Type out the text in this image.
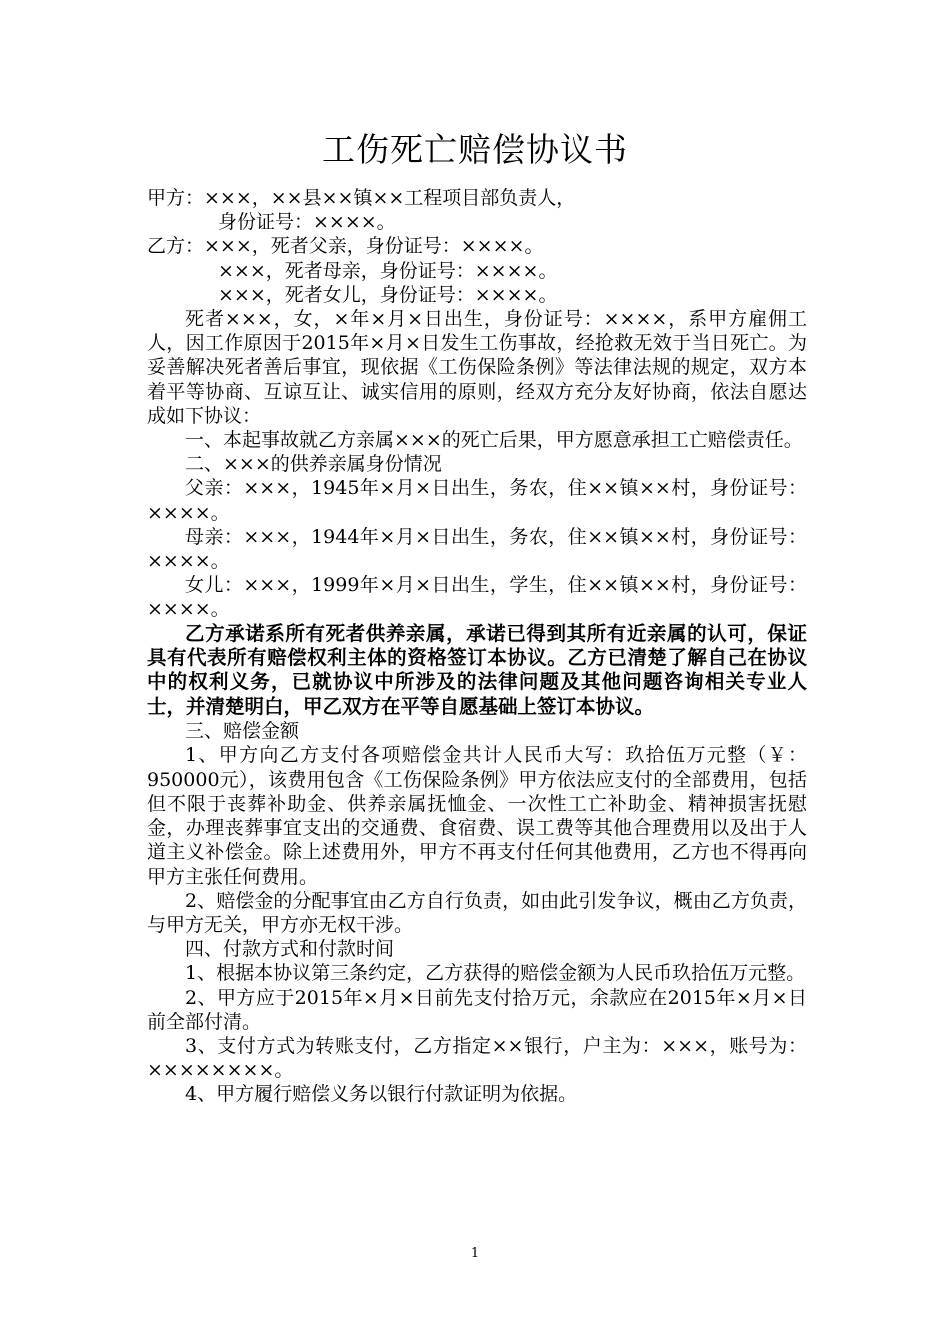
工伤死亡赔偿协议书

甲方：×××，××县××镇××工程项目部负责人，

身份证号：××××。

乙方：×××，死者父亲，身份证号：××××。

×××，死者母亲，身份证号：××××。

×××，死者女儿，身份证号：××××。

死者×××，女，×年×月×日出生，身份证号：××××，系甲方雇佣工人，因工作原因于2015年×月×日发生工伤事故，经抢救无效于当日死亡。为妥善解决死者善后事宜，现依据《工伤保险条例》等法律法规的规定，双方本着平等协商、互谅互让、诚实信用的原则，经双方充分友好协商，依法自愿达成如下协议：

一、本起事故就乙方亲属×××的死亡后果，甲方愿意承担工亡赔偿责任。

二、×××的供养亲属身份情况

父亲：×××，1945年×月×日出生，务农，住××镇××村，身份证号：××××。

母亲：×××，1944年×月×日出生，务农，住××镇××村，身份证号：××××。

女儿：×××，1999年×月×日出生，学生，住××镇××村，身份证号：××××。

乙方承诺系所有死者供养亲属，承诺已得到其所有近亲属的认可，保证具有代表所有赔偿权利主体的资格签订本协议。乙方已清楚了解自己在协议中的权利义务，已就协议中所涉及的法律问题及其他问题咨询相关专业人士，并清楚明白，甲乙双方在平等自愿基础上签订本协议。

三、赔偿金额

1、甲方向乙方支付各项赔偿金共计人民币大写：玖拾伍万元整（￥：950000元），该费用包含《工伤保险条例》甲方依法应支付的全部费用，包括但不限于丧葬补助金、供养亲属抚恤金、一次性工亡补助金、精神损害抚慰金，办理丧葬事宜支出的交通费、食宿费、误工费等其他合理费用以及出于人道主义补偿金。除上述费用外，甲方不再支付任何其他费用，乙方也不得再向甲方主张任何费用。

2、赔偿金的分配事宜由乙方自行负责，如由此引发争议，概由乙方负责，与甲方无关，甲方亦无权干涉。

四、付款方式和付款时间

1、根据本协议第三条约定，乙方获得的赔偿金额为人民币玖拾伍万元整。

2、甲方应于2015年×月×日前先支付拾万元，余款应在2015年×月×日前全部付清。

3、支付方式为转账支付，乙方指定××银行，户主为：×××，账号为：××××××××。

4、甲方履行赔偿义务以银行付款证明为依据。

1
